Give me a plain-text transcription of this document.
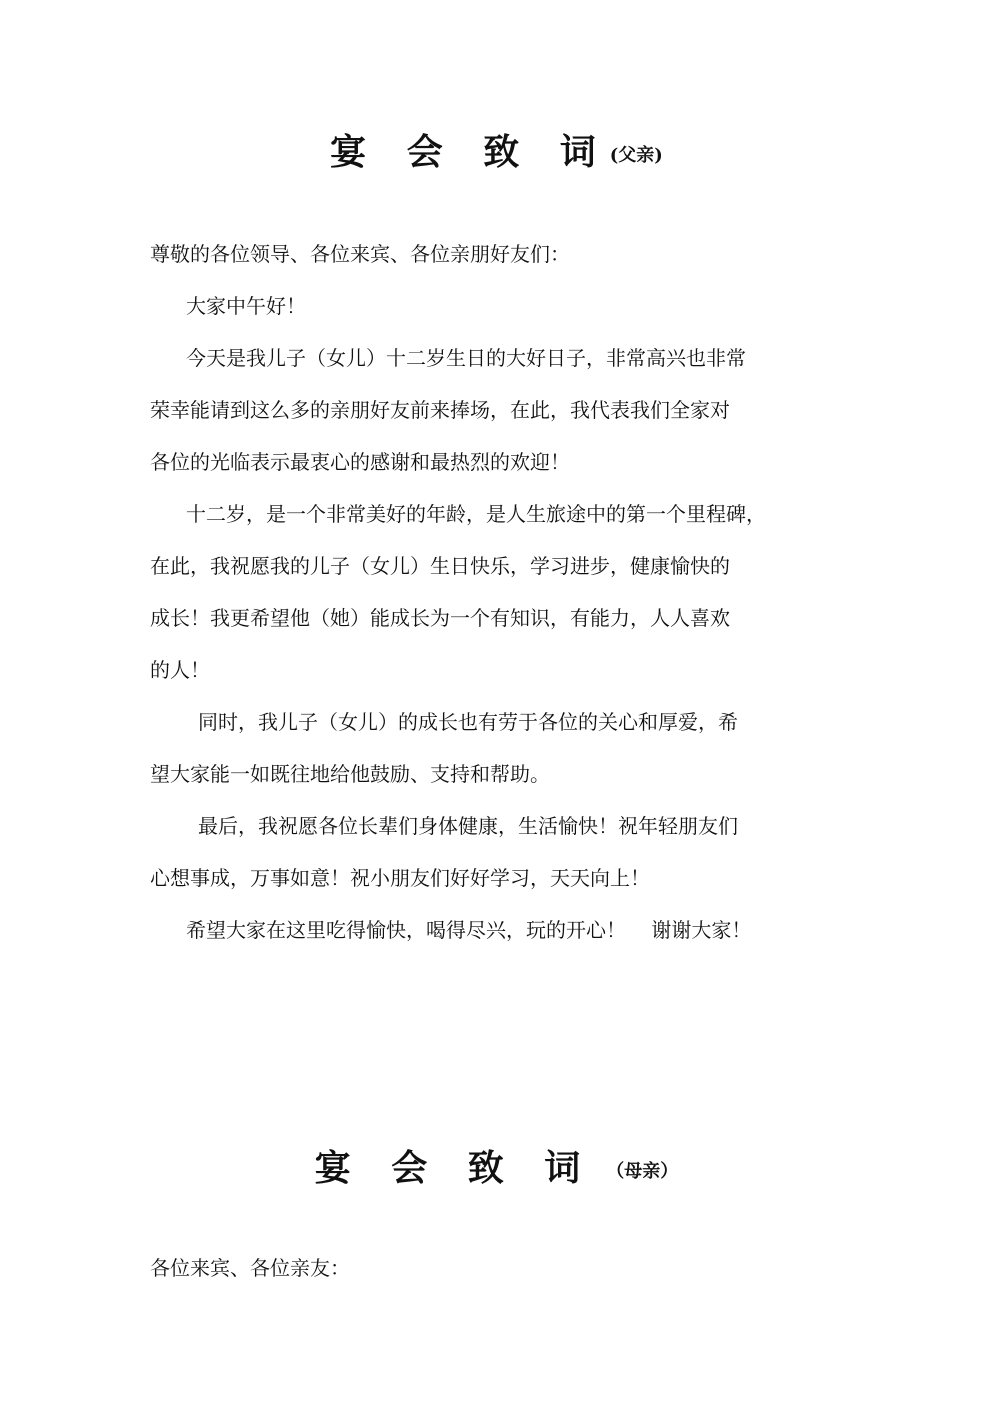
宴 会 致 词(父亲)
尊敬的各位领导、各位来宾、各位亲朋好友们：
大家中午好！
今天是我儿子（女儿）十二岁生日的大好日子，非常高兴也非常
荣幸能请到这么多的亲朋好友前来捧场，在此，我代表我们全家对
各位的光临表示最衷心的感谢和最热烈的欢迎！
十二岁，是一个非常美好的年龄，是人生旅途中的第一个里程碑，
在此，我祝愿我的儿子（女儿）生日快乐，学习进步，健康愉快的
成长！我更希望他（她）能成长为一个有知识，有能力，人人喜欢
的人！
同时，我儿子（女儿）的成长也有劳于各位的关心和厚爱，希
望大家能一如既往地给他鼓励、支持和帮助。
最后，我祝愿各位长辈们身体健康，生活愉快！祝年轻朋友们
心想事成，万事如意！祝小朋友们好好学习，天天向上！
希望大家在这里吃得愉快，喝得尽兴，玩的开心！    谢谢大家！
宴 会 致 词 （母亲）
各位来宾、各位亲友：
